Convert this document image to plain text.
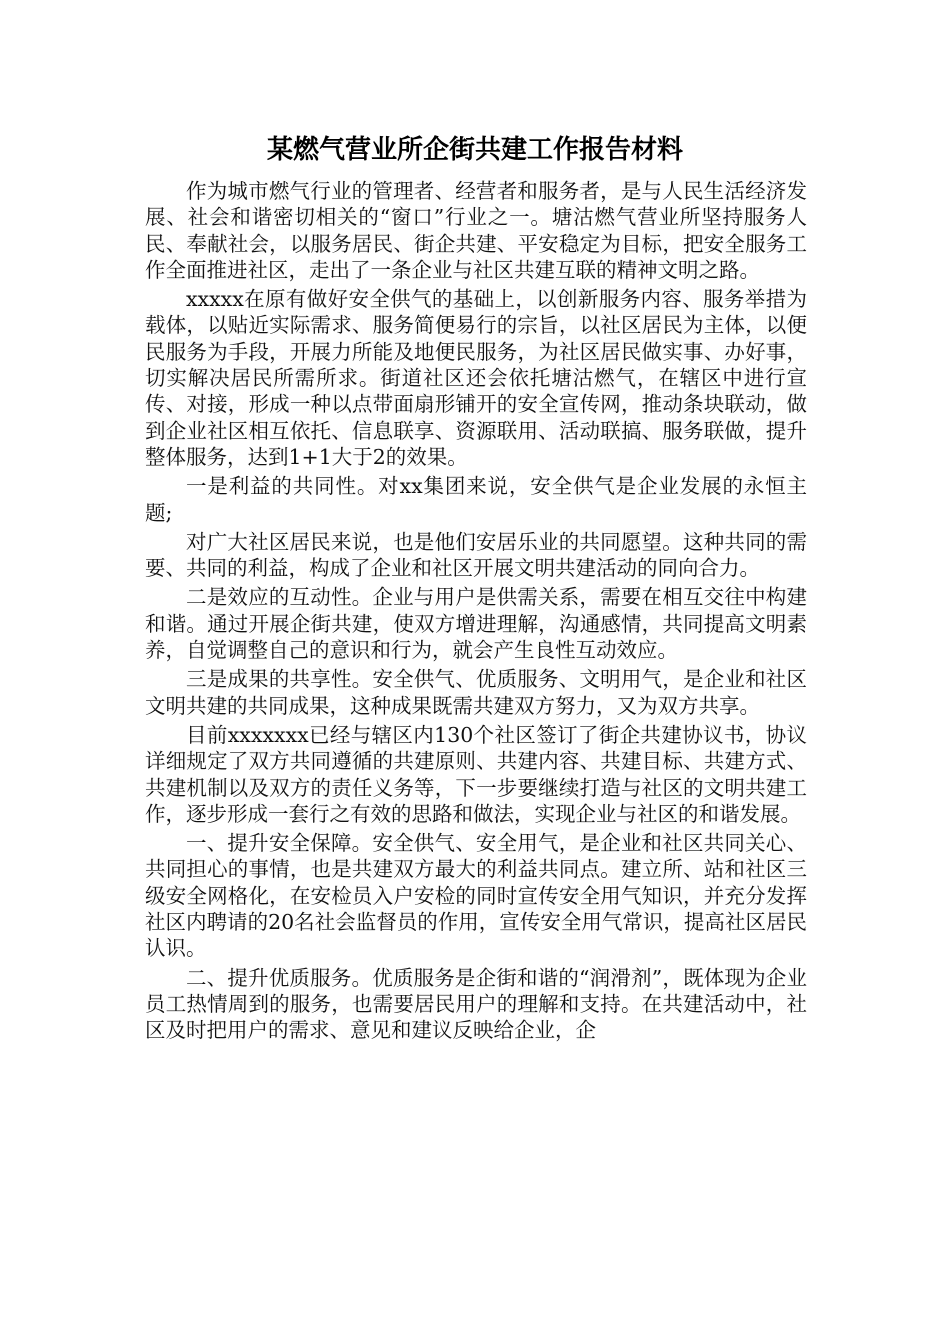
某燃气营业所企街共建工作报告材料

作为城市燃气行业的管理者、经营者和服务者，是与人民生活经济发展、社会和谐密切相关的“窗口”行业之一。塘沽燃气营业所坚持服务人民、奉献社会，以服务居民、街企共建、平安稳定为目标，把安全服务工作全面推进社区，走出了一条企业与社区共建互联的精神文明之路。

xxxxx在原有做好安全供气的基础上，以创新服务内容、服务举措为载体，以贴近实际需求、服务简便易行的宗旨，以社区居民为主体，以便民服务为手段，开展力所能及地便民服务，为社区居民做实事、办好事，切实解决居民所需所求。街道社区还会依托塘沽燃气，在辖区中进行宣传、对接，形成一种以点带面扇形铺开的安全宣传网，推动条块联动，做到企业社区相互依托、信息联享、资源联用、活动联搞、服务联做，提升整体服务，达到1+1大于2的效果。

一是利益的共同性。对xx集团来说，安全供气是企业发展的永恒主题;

对广大社区居民来说，也是他们安居乐业的共同愿望。这种共同的需要、共同的利益，构成了企业和社区开展文明共建活动的同向合力。

二是效应的互动性。企业与用户是供需关系，需要在相互交往中构建和谐。通过开展企街共建，使双方增进理解，沟通感情，共同提高文明素养，自觉调整自己的意识和行为，就会产生良性互动效应。

三是成果的共享性。安全供气、优质服务、文明用气，是企业和社区文明共建的共同成果，这种成果既需共建双方努力，又为双方共享。

目前xxxxxxx已经与辖区内130个社区签订了街企共建协议书，协议详细规定了双方共同遵循的共建原则、共建内容、共建目标、共建方式、共建机制以及双方的责任义务等，下一步要继续打造与社区的文明共建工作，逐步形成一套行之有效的思路和做法，实现企业与社区的和谐发展。

一、提升安全保障。安全供气、安全用气，是企业和社区共同关心、共同担心的事情，也是共建双方最大的利益共同点。建立所、站和社区三级安全网格化，在安检员入户安检的同时宣传安全用气知识，并充分发挥社区内聘请的20名社会监督员的作用，宣传安全用气常识，提高社区居民认识。

二、提升优质服务。优质服务是企街和谐的“润滑剂”，既体现为企业员工热情周到的服务，也需要居民用户的理解和支持。在共建活动中，社区及时把用户的需求、意见和建议反映给企业，企
